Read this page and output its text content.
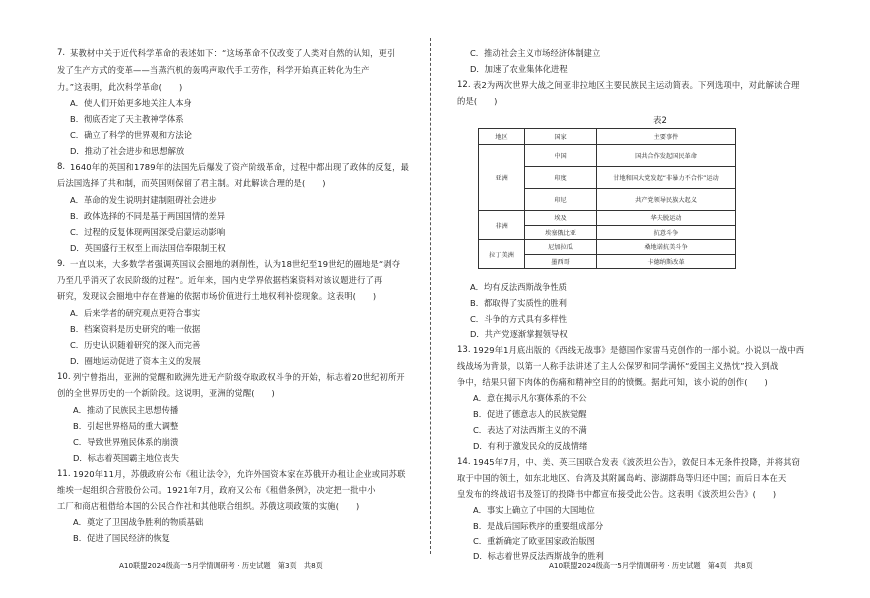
7. 某教材中关于近代科学革命的表述如下：“这场革命不仅改变了人类对自然的认知，更引
发了生产方式的变革——当蒸汽机的轰鸣声取代手工劳作，科学开始真正转化为生产
力。”这表明，此次科学革命(　　)
A．使人们开始更多地关注人本身
B．彻底否定了天主教神学体系
C．确立了科学的世界观和方法论
D．推动了社会进步和思想解放
8. 1640年的英国和1789年的法国先后爆发了资产阶级革命，过程中都出现了政体的反复，最
后法国选择了共和制，而英国则保留了君主制。对此解读合理的是(　　)
A．革命的发生说明封建制阻碍社会进步
B．政体选择的不同是基于两国国情的差异
C．过程的反复体现两国深受启蒙运动影响
D．英国盛行王权至上而法国信奉限制王权
9. 一直以来，大多数学者强调英国议会圈地的剥削性，认为18世纪至19世纪的圈地是“剥夺
乃至几乎消灭了农民阶级的过程”。近年来，国内史学界依据档案资料对该议题进行了再
研究，发现议会圈地中存在普遍的依据市场价值进行土地权利补偿现象。这表明(　　)
A．后来学者的研究观点更符合事实
B．档案资料是历史研究的唯一依据
C．历史认识随着研究的深入而完善
D．圈地运动促进了资本主义的发展
10. 列宁曾指出，亚洲的觉醒和欧洲先进无产阶级夺取政权斗争的开始，标志着20世纪初所开
创的全世界历史的一个新阶段。这说明，亚洲的觉醒(　　)
A．推动了民族民主思想传播
B．引起世界格局的重大调整
C．导致世界殖民体系的崩溃
D．标志着英国霸主地位丧失
11. 1920年11月，苏俄政府公布《租让法令》，允许外国资本家在苏俄开办租让企业或同苏联
维埃一起组织合营股份公司。1921年7月，政府又公布《租借条例》，决定把一批中小
工厂和商店租借给本国的公民合作社和其他联合组织。苏俄这项政策的实施(　　)
A．奠定了卫国战争胜利的物质基础
B．促进了国民经济的恢复
A10联盟2024级高一5月学情调研考 · 历史试题　第3页　共8页
C．推动社会主义市场经济体制建立
D．加速了农业集体化进程
12. 表2为两次世界大战之间亚非拉地区主要民族民主运动简表。下列选项中，对此解读合理
的是(　　)
表2
地区	国家	主要事件
亚洲	中国	国共合作发起国民革命
	印度	甘地和国大党发起“非暴力不合作”运动
	印尼	共产党领导民族大起义
非洲	埃及	华夫脱运动
	埃塞俄比亚	抗意斗争
拉丁美洲	尼加拉瓜	桑地诺抗美斗争
	墨西哥	卡德纳斯改革
A．均有反法西斯战争性质
B．都取得了实质性的胜利
C．斗争的方式具有多样性
D．共产党逐渐掌握领导权
13. 1929年1月底出版的《西线无战事》是德国作家雷马克创作的一部小说。小说以一战中西
线战场为背景，以第一人称手法讲述了主人公保罗和同学满怀“爱国主义热忱”投入到战
争中，结果只留下肉体的伤痛和精神空目的的愤慨。据此可知，该小说的创作(　　)
A．意在揭示凡尔赛体系的不公
B．促进了德意志人的民族觉醒
C．表达了对法西斯主义的不满
D．有利于激发民众的反战情绪
14. 1945年7月，中、美、英三国联合发表《波茨坦公告》，敦促日本无条件投降，并将其窃
取于中国的领土，如东北地区、台湾及其附属岛屿、澎湖群岛等归还中国；而后日本在天
皇发布的终战诏书及签订的投降书中都宣布接受此公告。这表明《波茨坦公告》(　　)
A．事实上确立了中国的大国地位
B．是战后国际秩序的重要组成部分
C．重新确定了欧亚国家政治版图
D．标志着世界反法西斯战争的胜利
A10联盟2024级高一5月学情调研考 · 历史试题　第4页　共8页
